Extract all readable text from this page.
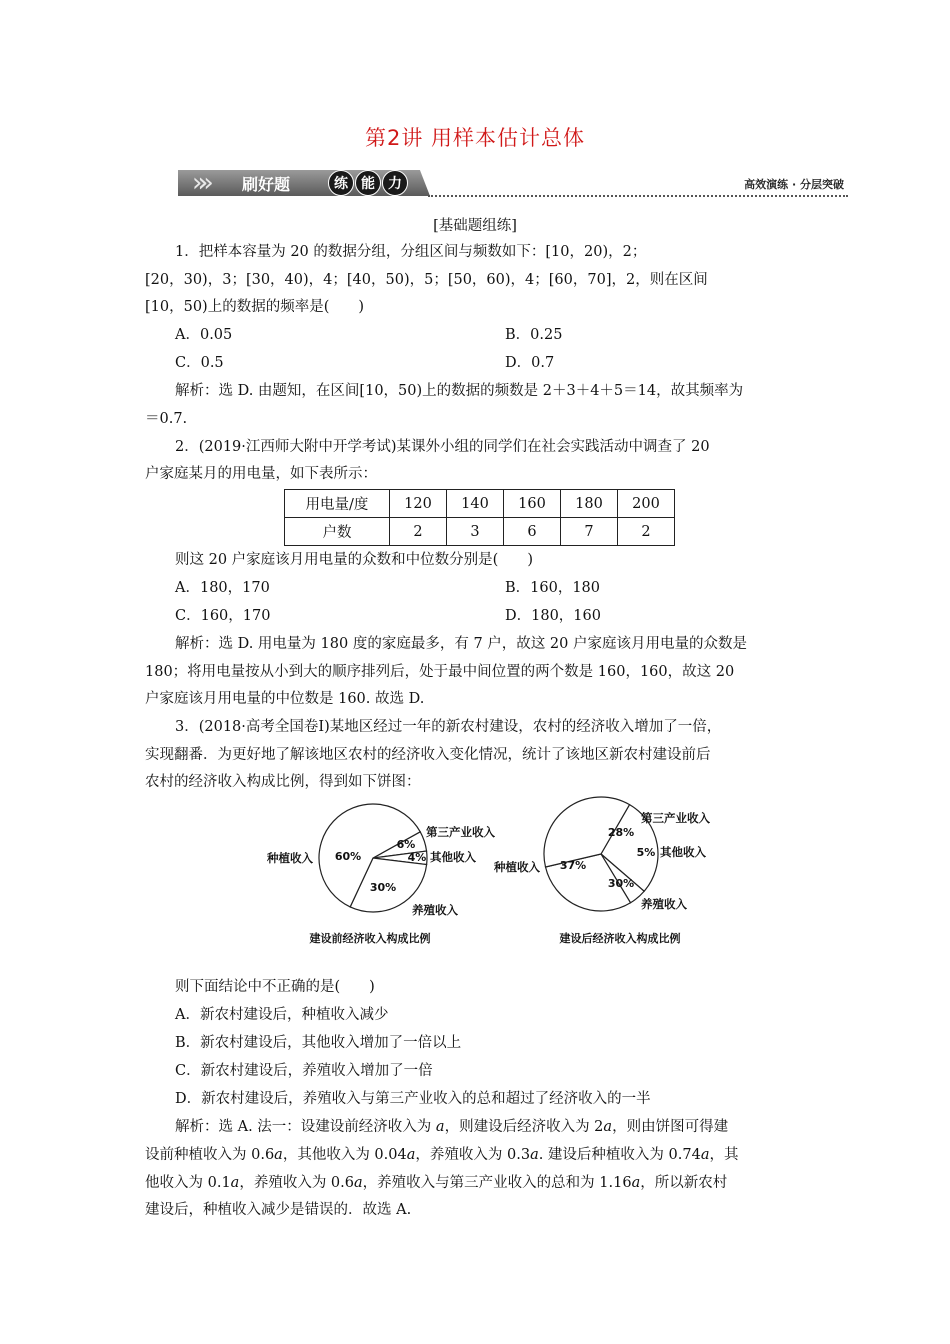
第2讲 用样本估计总体
»» 刷好题	练 能 力	高效演练 · 分层突破
[基础题组练]
1．把样本容量为 20 的数据分组，分组区间与频数如下：[10，20)，2；
[20，30)，3；[30，40)，4；[40，50)，5；[50，60)，4；[60，70]，2，则在区间
[10，50)上的数据的频率是(　　)
A．0.05	B．0.25
C．0.5	D．0.7
解析：选 D. 由题知，在区间[10，50)上的数据的频数是 2＋3＋4＋5＝14，故其频率为
＝0.7.
2．(2019·江西师大附中开学考试)某课外小组的同学们在社会实践活动中调查了 20
户家庭某月的用电量，如下表所示：
用电量/度	120	140	160	180	200
户数	2	3	6	7	2
则这 20 户家庭该月用电量的众数和中位数分别是(　　)
A．180，170	B．160，180
C．160，170	D．180，160
解析：选 D. 用电量为 180 度的家庭最多，有 7 户，故这 20 户家庭该月用电量的众数是
180；将用电量按从小到大的顺序排列后，处于最中间位置的两个数是 160，160，故这 20
户家庭该月用电量的中位数是 160. 故选 D.
3．(2018·高考全国卷Ⅰ)某地区经过一年的新农村建设，农村的经济收入增加了一倍，
实现翻番．为更好地了解该地区农村的经济收入变化情况，统计了该地区新农村建设前后
农村的经济收入构成比例，得到如下饼图：
60%
6%
4%
30%
种植收入
第三产业收入
其他收入
养殖收入
建设前经济收入构成比例
37%
28%
5%
30%
种植收入
第三产业收入
其他收入
养殖收入
建设后经济收入构成比例
则下面结论中不正确的是(　　)
A．新农村建设后，种植收入减少
B．新农村建设后，其他收入增加了一倍以上
C．新农村建设后，养殖收入增加了一倍
D．新农村建设后，养殖收入与第三产业收入的总和超过了经济收入的一半
解析：选 A. 法一：设建设前经济收入为 a，则建设后经济收入为 2a，则由饼图可得建
设前种植收入为 0.6a，其他收入为 0.04a，养殖收入为 0.3a. 建设后种植收入为 0.74a，其
他收入为 0.1a，养殖收入为 0.6a，养殖收入与第三产业收入的总和为 1.16a，所以新农村
建设后，种植收入减少是错误的．故选 A.
